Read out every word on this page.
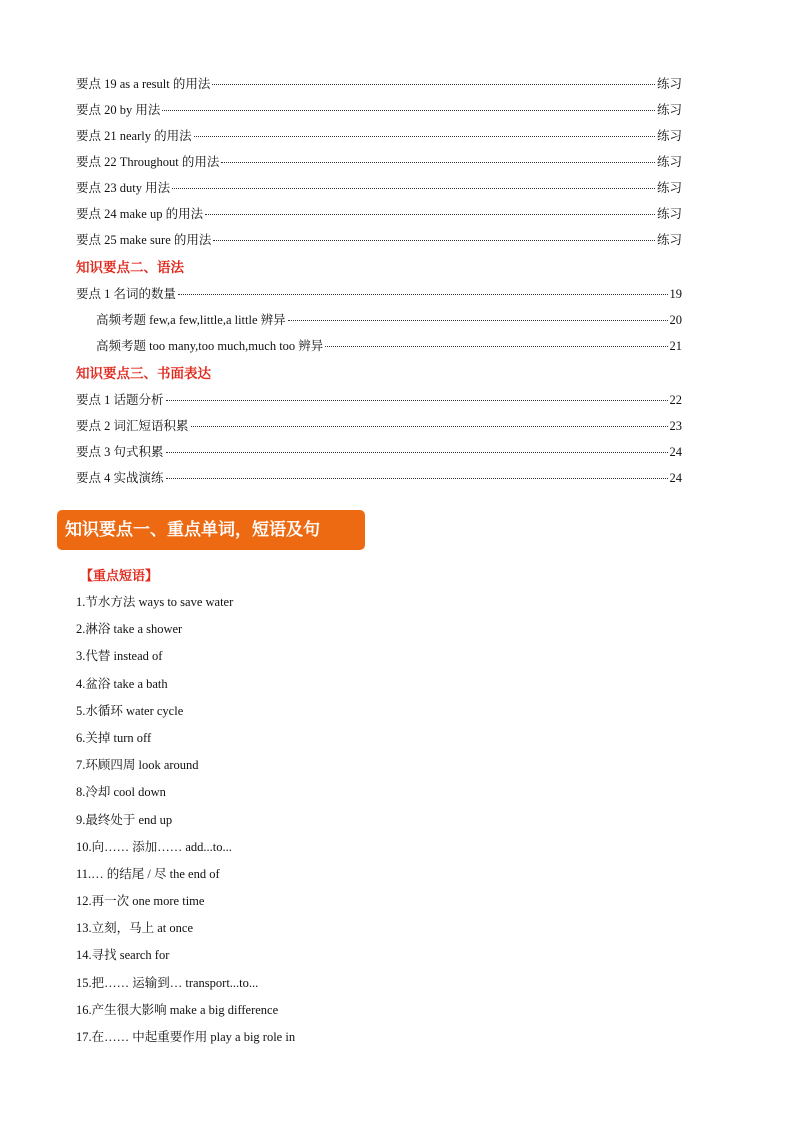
要点 19 as a result 的用法	练习
要点 20 by 用法	练习
要点 21 nearly 的用法	练习
要点 22 Throughout 的用法	练习
要点 23 duty 用法	练习
要点 24 make up 的用法	练习
要点 25 make sure 的用法	练习
知识要点二、语法
要点 1 名词的数量	19
高频考题 few,a few,little,a little 辨异	20
高频考题 too many,too much,much too 辨异	21
知识要点三、书面表达
要点 1 话题分析	22
要点 2 词汇短语积累	23
要点 3 句式积累	24
要点 4 实战演练	24
知识要点一、重点单词，短语及句
【重点短语】
1.节水方法 ways to save water
2.淋浴 take a shower
3.代替 instead of
4.盆浴 take a bath
5.水循环 water cycle
6.关掉 turn off
7.环顾四周 look around
8.冷却 cool down
9.最终处于 end up
10.向…… 添加…… add...to...
11.… 的结尾 / 尽 the end of
12.再一次 one more time
13.立刻，马上 at once
14.寻找 search for
15.把…… 运输到… transport...to...
16.产生很大影响 make a big difference
17.在…… 中起重要作用 play a big role in
